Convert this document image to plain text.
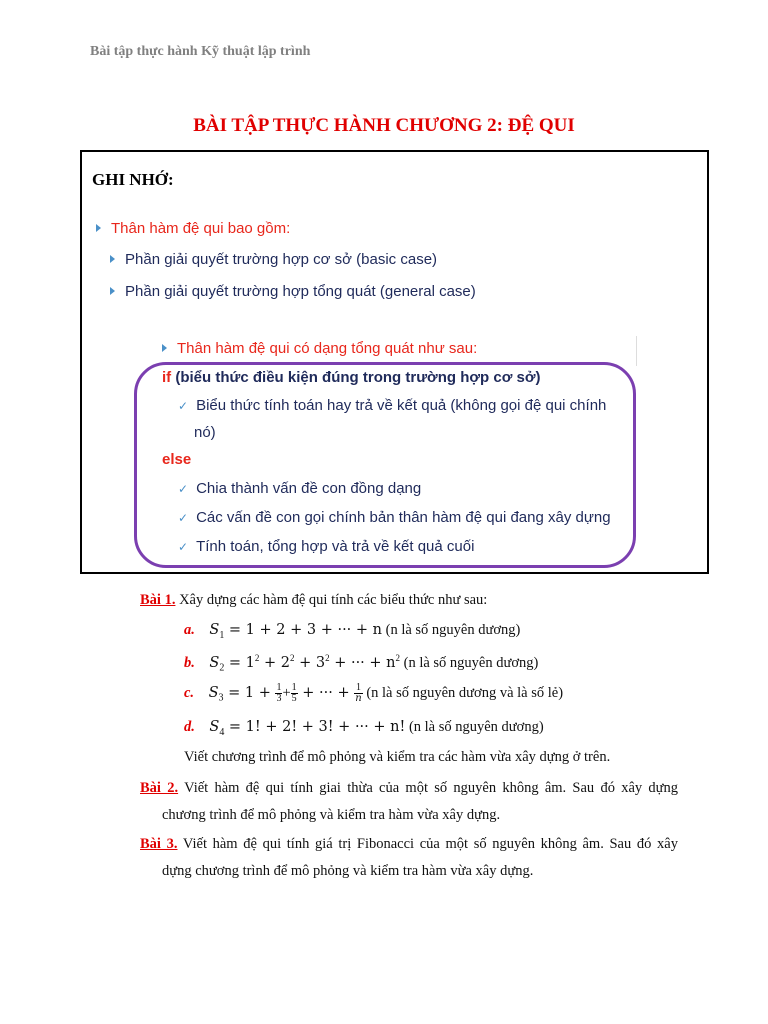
Bài tập thực hành Kỹ thuật lập trình
BÀI TẬP THỰC HÀNH CHƯƠNG 2: ĐỆ QUI
GHI NHỚ:
Thân hàm đệ qui bao gồm:
Phần giải quyết trường hợp cơ sở (basic case)
Phần giải quyết trường hợp tổng quát (general case)
Thân hàm đệ qui có dạng tổng quát như sau:
if (biểu thức điều kiện đúng trong trường hợp cơ sở)
✓ Biểu thức tính toán hay trả về kết quả (không gọi đệ qui chính
nó)
else
✓ Chia thành vấn đề con đồng dạng
✓ Các vấn đề con gọi chính bản thân hàm đệ qui đang xây dựng
✓ Tính toán, tổng hợp và trả về kết quả cuối
Bài 1. Xây dựng các hàm đệ qui tính các biểu thức như sau:
a. $S_1 = 1 + 2 + 3$ + ··· + n (n là số nguyên dương)
b. $S_2 = 1^2 + 2^2 + 3^2$ + ··· + $n^2$ (n là số nguyên dương)
c. $S_3 = 1 + \frac{1}{3} + \frac{1}{5}$ + ··· + $\frac{1}{n} (n$ là số nguyên dương và là số lẻ)
d. $S_4 = 1$! + 2! + 3! + ··· + n! (n là số nguyên dương)
Viết chương trình để mô phỏng và kiểm tra các hàm vừa xây dựng ở trên.
Bài 2. Viết hàm đệ qui tính giai thừa của một số nguyên không âm. Sau đó xây dựng
chương trình để mô phỏng và kiểm tra hàm vừa xây dựng.
Bài 3. Viết hàm đệ qui tính giá trị Fibonacci của một số nguyên không âm. Sau đó xây
dựng chương trình để mô phỏng và kiểm tra hàm vừa xây dựng.
